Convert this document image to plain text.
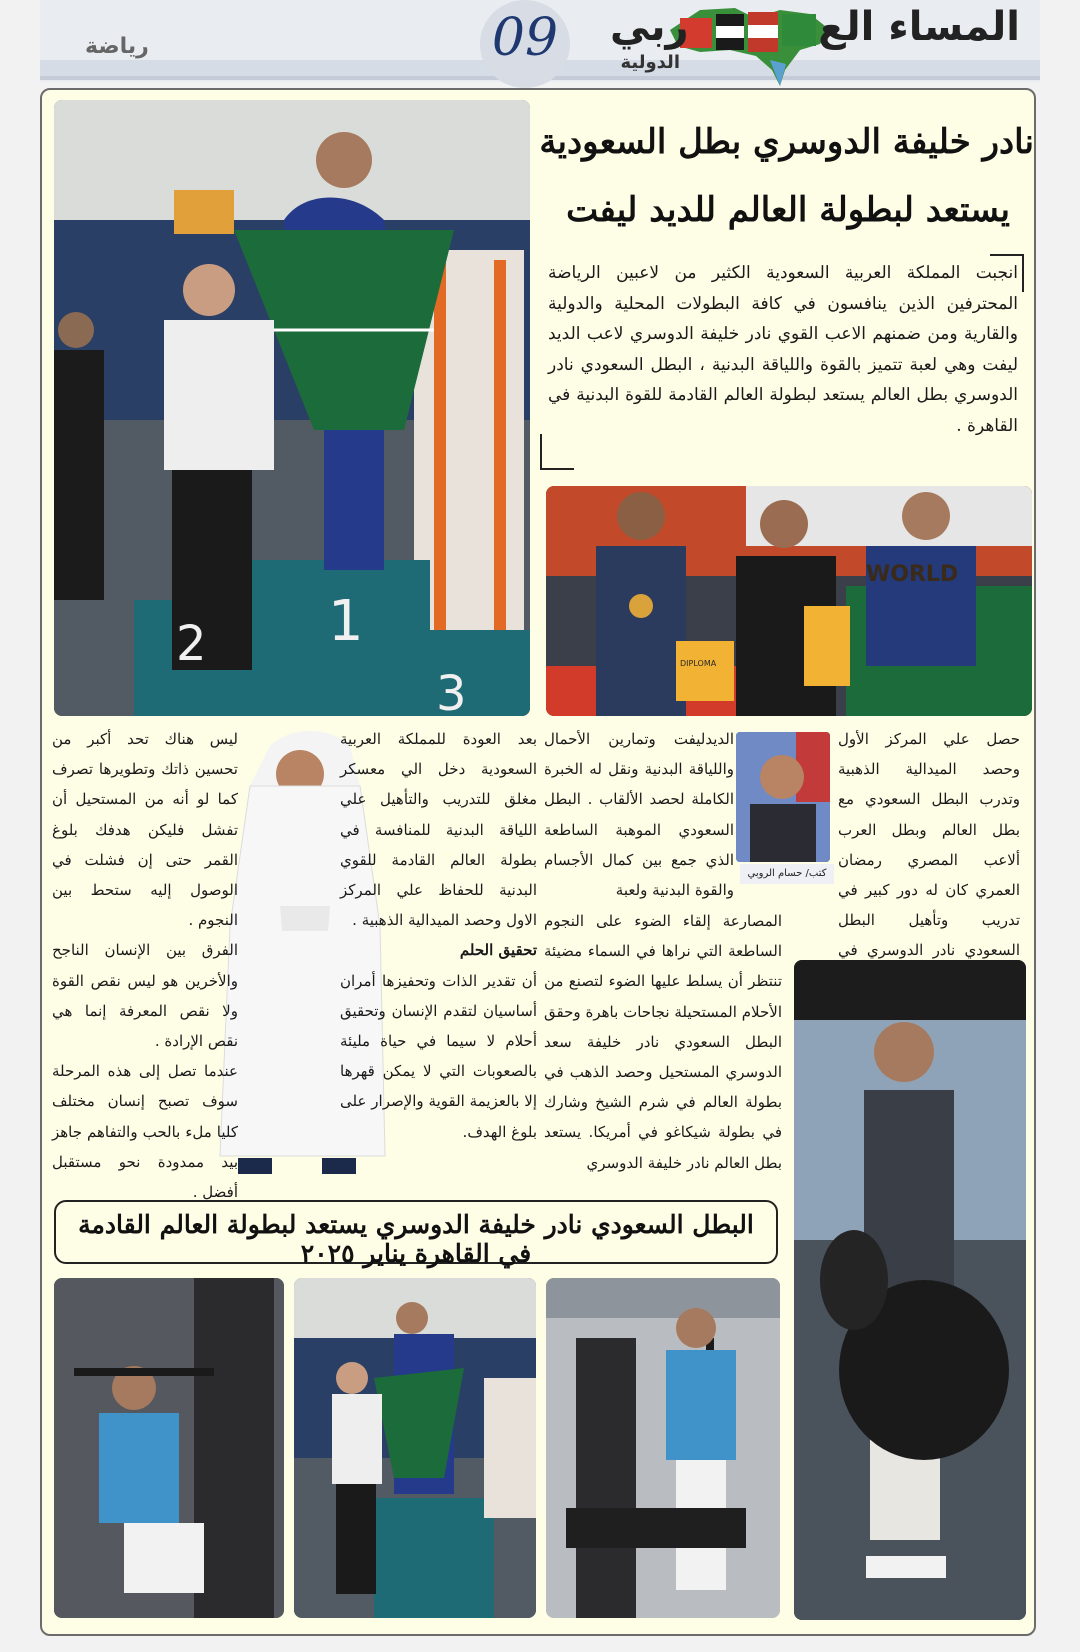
09	المساء الع
ربي
الدولية
رياضة
1
2
3
نادر خليفة الدوسري بطل السعودية
يستعد لبطولة العالم للديد ليفت
انجبت المملكة العربية السعودية الكثير من لاعبين الرياضة المحترفين الذين ينافسون في كافة البطولات المحلية والدولية والقارية ومن ضمنهم الاعب القوي نادر خليفة الدوسري لاعب الديد ليفت وهي لعبة تتميز بالقوة واللياقة البدنية ، البطل السعودي نادر الدوسري بطل العالم يستعد لبطولة العالم القادمة للقوة البدنية في القاهرة .
WORLD
DIPLOMA
كتب/ حسام الروبي
حصل علي المركز الأول وحصد الميدالية الذهبية وتدرب البطل السعودي مع بطل العالم وبطل العرب ألاعب المصري رمضان العمري كان له دور كبير في تدريب وتأهيل البطل السعودي نادر الدوسري في
الديدليفت وتمارين الأحمال واللياقة البدنية ونقل له الخبرة الكاملة لحصد الألقاب . البطل السعودي الموهبة الساطعة الذي جمع بين كمال الأجسام والقوة البدنية ولعبة
المصارعة إلقاء الضوء على النجوم الساطعة التي نراها في السماء مضيئة تنتظر أن يسلط عليها الضوء لتصنع من الأحلام المستحيلة نجاحات باهرة وحقق البطل السعودي نادر خليفة سعد الدوسري المستحيل وحصد الذهب في بطولة العالم في شرم الشيخ وشارك في بطولة شيكاغو في أمريكا. يستعد بطل العالم نادر خليفة الدوسري
بعد العودة للمملكة العربية السعودية دخل الي معسكر مغلق للتدريب والتأهيل علي اللياقة البدنية للمنافسة في بطولة العالم القادمة للقوي البدنية للحفاظ علي المركز الاول وحصد الميدالية الذهبية .
تحقيق الحلم
أن تقدير الذات وتحفيزها أمران أساسيان لتقدم الإنسان وتحقيق أحلام لا سيما في حياة مليئة بالصعوبات التي لا يمكن قهرها إلا بالعزيمة القوية والإصرار على بلوغ الهدف.
ليس هناك تحد أكبر من تحسين ذاتك وتطويرها تصرف كما لو أنه من المستحيل أن تفشل فليكن هدفك بلوغ القمر حتى إن فشلت في الوصول إليه ستحط بين النجوم .
الفرق بين الإنسان الناجح والأخرين هو ليس نقص القوة ولا نقص المعرفة إنما هي نقص الإرادة .
عندما تصل إلى هذه المرحلة سوف تصبح إنسان مختلف كليا ملء بالحب والتفاهم جاهز بيد ممدودة نحو مستقبل أفضل .
البطل السعودي نادر خليفة الدوسري يستعد لبطولة العالم القادمة في القاهرة يناير ٢٠٢٥
